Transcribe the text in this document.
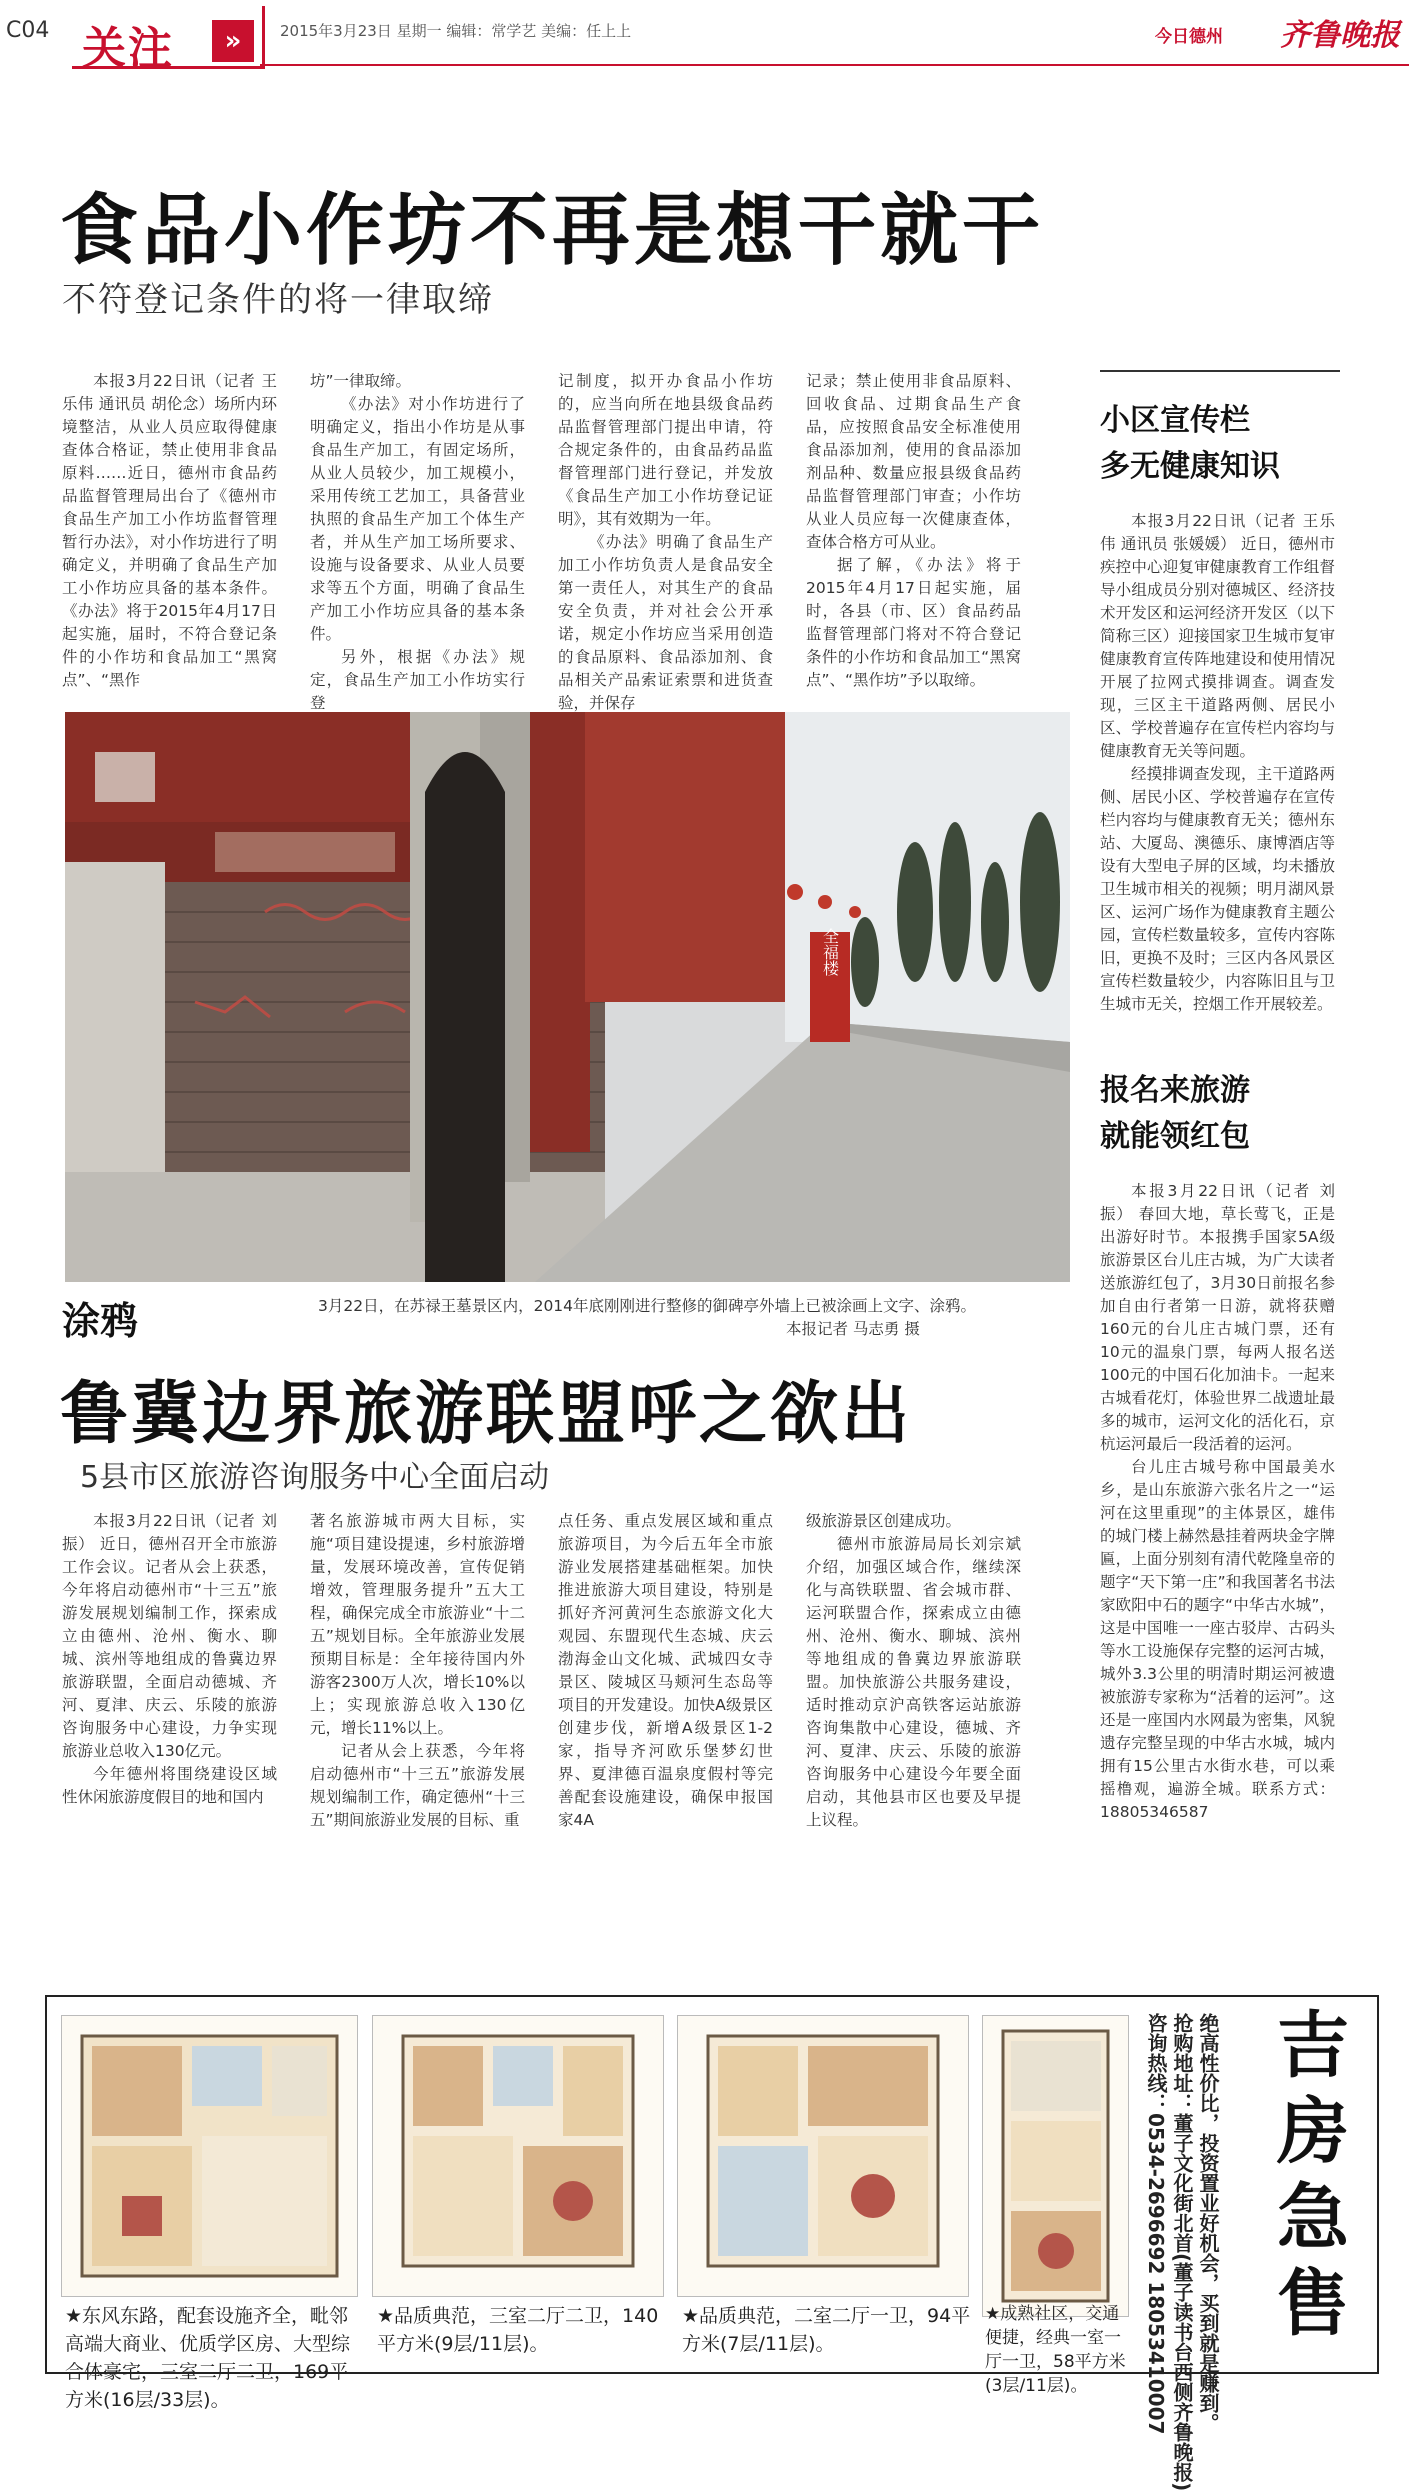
C04 关注	»	2015年3月23日 星期一 编辑：常学艺 美编：任上上	今日德州 齐鲁晚报
食品小作坊不再是想干就干
不符登记条件的将一律取缔

本报3月22日讯（记者 王乐伟 通讯员 胡伦念）场所内环境整洁，从业人员应取得健康查体合格证，禁止使用非食品原料……近日，德州市食品药品监督管理局出台了《德州市食品生产加工小作坊监督管理暂行办法》，对小作坊进行了明确定义，并明确了食品生产加工小作坊应具备的基本条件。《办法》将于2015年4月17日起实施，届时，不符合登记条件的小作坊和食品加工“黑窝点”、“黑作

坊”一律取缔。

《办法》对小作坊进行了明确定义，指出小作坊是从事食品生产加工，有固定场所，从业人员较少，加工规模小，采用传统工艺加工，具备营业执照的食品生产加工个体生产者，并从生产加工场所要求、设施与设备要求、从业人员要求等五个方面，明确了食品生产加工小作坊应具备的基本条件。

另外，根据《办法》规定，食品生产加工小作坊实行登

记制度，拟开办食品小作坊的，应当向所在地县级食品药品监督管理部门提出申请，符合规定条件的，由食品药品监督管理部门进行登记，并发放《食品生产加工小作坊登记证明》，其有效期为一年。

《办法》明确了食品生产加工小作坊负责人是食品安全第一责任人，对其生产的食品安全负责，并对社会公开承诺，规定小作坊应当采用创造的食品原料、食品添加剂、食品相关产品索证索票和进货查验，并保存

记录；禁止使用非食品原料、回收食品、过期食品生产食品，应按照食品安全标准使用食品添加剂，使用的食品添加剂品种、数量应报县级食品药品监督管理部门审查；小作坊从业人员应每一次健康查体，查体合格方可从业。

据了解，《办法》将于2015年4月17日起实施，届时，各县（市、区）食品药品监督管理部门将对不符合登记条件的小作坊和食品加工“黑窝点”、“黑作坊”予以取缔。

全福楼
涂鸦	3月22日，在苏禄王墓景区内，2014年底刚刚进行整修的御碑亭外墙上已被涂画上文字、涂鸦。
本报记者 马志勇 摄
鲁冀边界旅游联盟呼之欲出
5县市区旅游咨询服务中心全面启动

本报3月22日讯（记者 刘振） 近日，德州召开全市旅游工作会议。记者从会上获悉，今年将启动德州市“十三五”旅游发展规划编制工作，探索成立由德州、沧州、衡水、聊城、滨州等地组成的鲁冀边界旅游联盟，全面启动德城、齐河、夏津、庆云、乐陵的旅游咨询服务中心建设，力争实现旅游业总收入130亿元。

今年德州将围绕建设区域性休闲旅游度假目的地和国内

著名旅游城市两大目标，实施“项目建设提速，乡村旅游增量，发展环境改善，宣传促销增效，管理服务提升”五大工程，确保完成全市旅游业“十二五”规划目标。全年旅游业发展预期目标是：全年接待国内外游客2300万人次，增长10%以上；实现旅游总收入130亿元，增长11%以上。

记者从会上获悉，今年将启动德州市“十三五”旅游发展规划编制工作，确定德州“十三五”期间旅游业发展的目标、重

点任务、重点发展区域和重点旅游项目，为今后五年全市旅游业发展搭建基础框架。加快推进旅游大项目建设，特别是抓好齐河黄河生态旅游文化大观园、东盟现代生态城、庆云渤海金山文化城、武城四女寺景区、陵城区马颊河生态岛等项目的开发建设。加快A级景区创建步伐，新增A级景区1-2家，指导齐河欧乐堡梦幻世界、夏津德百温泉度假村等完善配套设施建设，确保申报国家4A

级旅游景区创建成功。

德州市旅游局局长刘宗斌介绍，加强区域合作，继续深化与高铁联盟、省会城市群、运河联盟合作，探索成立由德州、沧州、衡水、聊城、滨州等地组成的鲁冀边界旅游联盟。加快旅游公共服务建设，适时推动京沪高铁客运站旅游咨询集散中心建设，德城、齐河、夏津、庆云、乐陵的旅游咨询服务中心建设今年要全面启动，其他县市区也要及早提上议程。

小区宣传栏
多无健康知识

本报3月22日讯（记者 王乐伟 通讯员 张媛媛） 近日，德州市疾控中心迎复审健康教育工作组督导小组成员分别对德城区、经济技术开发区和运河经济开发区（以下简称三区）迎接国家卫生城市复审健康教育宣传阵地建设和使用情况开展了拉网式摸排调查。调查发现，三区主干道路两侧、居民小区、学校普遍存在宣传栏内容均与健康教育无关等问题。

经摸排调查发现，主干道路两侧、居民小区、学校普遍存在宣传栏内容均与健康教育无关；德州东站、大厦岛、澳德乐、康博酒店等设有大型电子屏的区域，均未播放卫生城市相关的视频；明月湖风景区、运河广场作为健康教育主题公园，宣传栏数量较多，宣传内容陈旧，更换不及时；三区内各风景区宣传栏数量较少，内容陈旧且与卫生城市无关，控烟工作开展较差。

报名来旅游
就能领红包

本报3月22日讯（记者 刘振） 春回大地，草长莺飞，正是出游好时节。本报携手国家5A级旅游景区台儿庄古城，为广大读者送旅游红包了，3月30日前报名参加自由行者第一日游，就将获赠160元的台儿庄古城门票，还有10元的温泉门票，每两人报名送100元的中国石化加油卡。一起来古城看花灯，体验世界二战遗址最多的城市，运河文化的活化石，京杭运河最后一段活着的运河。

台儿庄古城号称中国最美水乡，是山东旅游六张名片之一“运河在这里重现”的主体景区，雄伟的城门楼上赫然悬挂着两块金字牌匾，上面分别刻有清代乾隆皇帝的题字“天下第一庄”和我国著名书法家欧阳中石的题字“中华古水城”，这是中国唯一一座古驳岸、古码头等水工设施保存完整的运河古城，城外3.3公里的明清时期运河被遗被旅游专家称为“活着的运河”。这还是一座国内水网最为密集，风貌遗存完整呈现的中华古水城，城内拥有15公里古水街水巷，可以乘摇橹观，遍游全城。联系方式：18805346587

★东风东路，配套设施齐全，毗邻高端大商业、优质学区房、大型综合体豪宅，三室二厅二卫，169平方米(16层/33层)。
★品质典范，三室二厅二卫，140平方米(9层/11层)。
★品质典范，二室二厅一卫，94平方米(7层/11层)。
★成熟社区，交通便捷，经典一室一厅一卫，58平方米(3层/11层)。	绝高性价比，投资置业好机会，买到就是赚到。
抢购地址：董子文化街北首(董子读书台西侧齐鲁晚报)
咨询热线：0534-2696692 18053410007 吉房急售
